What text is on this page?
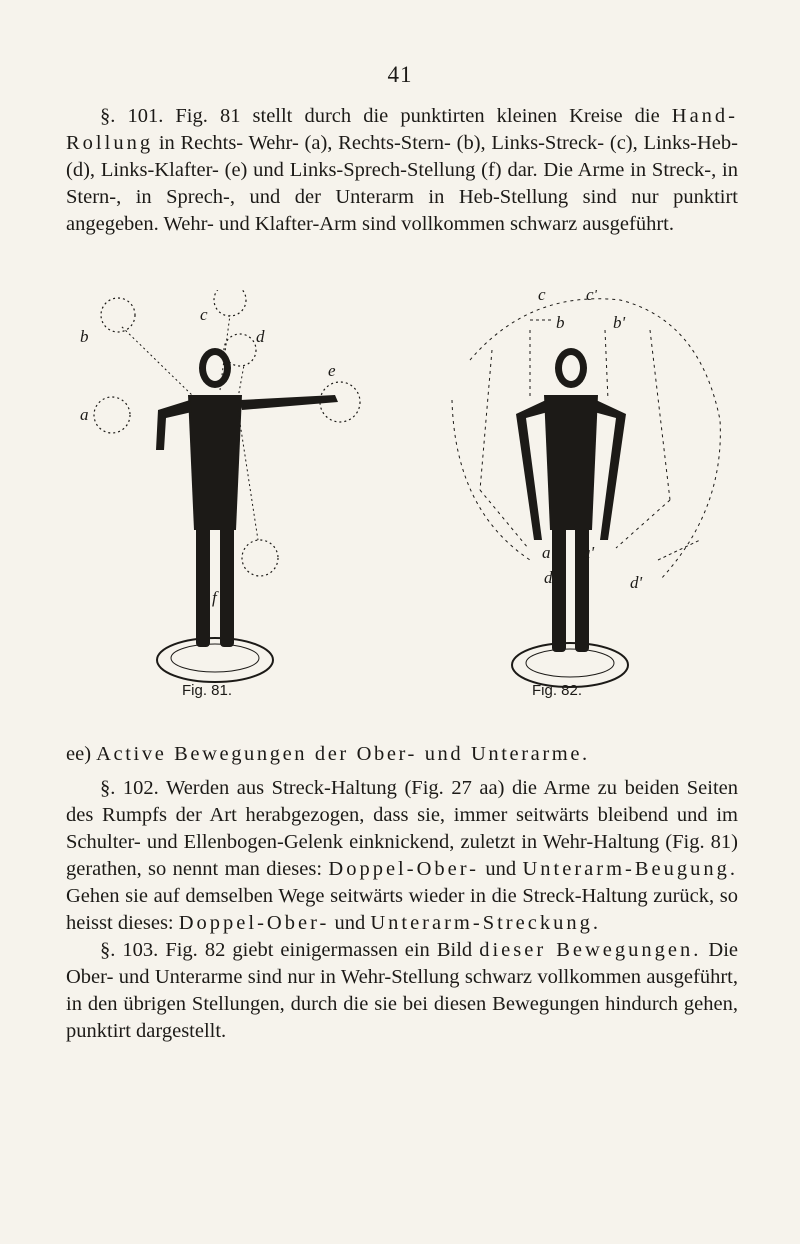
41

§. 101. Fig. 81 stellt durch die punktirten kleinen Kreise die Hand-Rollung in Rechts- Wehr- (a), Rechts-Stern- (b), Links-Streck- (c), Links-Heb- (d), Links-Klafter- (e) und Links-Sprech-Stellung (f) dar. Die Arme in Streck-, in Stern-, in Sprech-, und der Unterarm in Heb-Stellung sind nur punktirt angegeben. Wehr- und Klafter-Arm sind vollkommen schwarz ausgeführt.

b
c
d
a
e
f
c c'
b	b'
a a'
d	d'
Fig. 81.	Fig. 82.

ee) Active Bewegungen der Ober- und Unterarme.

§. 102. Werden aus Streck-Haltung (Fig. 27 aa) die Arme zu beiden Seiten des Rumpfs der Art herabgezogen, dass sie, immer seitwärts bleibend und im Schulter- und Ellenbogen-Gelenk einknickend, zuletzt in Wehr-Haltung (Fig. 81) gerathen, so nennt man dieses: Doppel-Ober- und Unterarm-Beugung. Gehen sie auf demselben Wege seitwärts wieder in die Streck-Haltung zurück, so heisst dieses: Doppel-Ober- und Unterarm-Streckung.

§. 103. Fig. 82 giebt einigermassen ein Bild dieser Bewegungen. Die Ober- und Unterarme sind nur in Wehr-Stellung schwarz vollkommen ausgeführt, in den übrigen Stellungen, durch die sie bei diesen Bewegungen hindurch gehen, punktirt dargestellt.
